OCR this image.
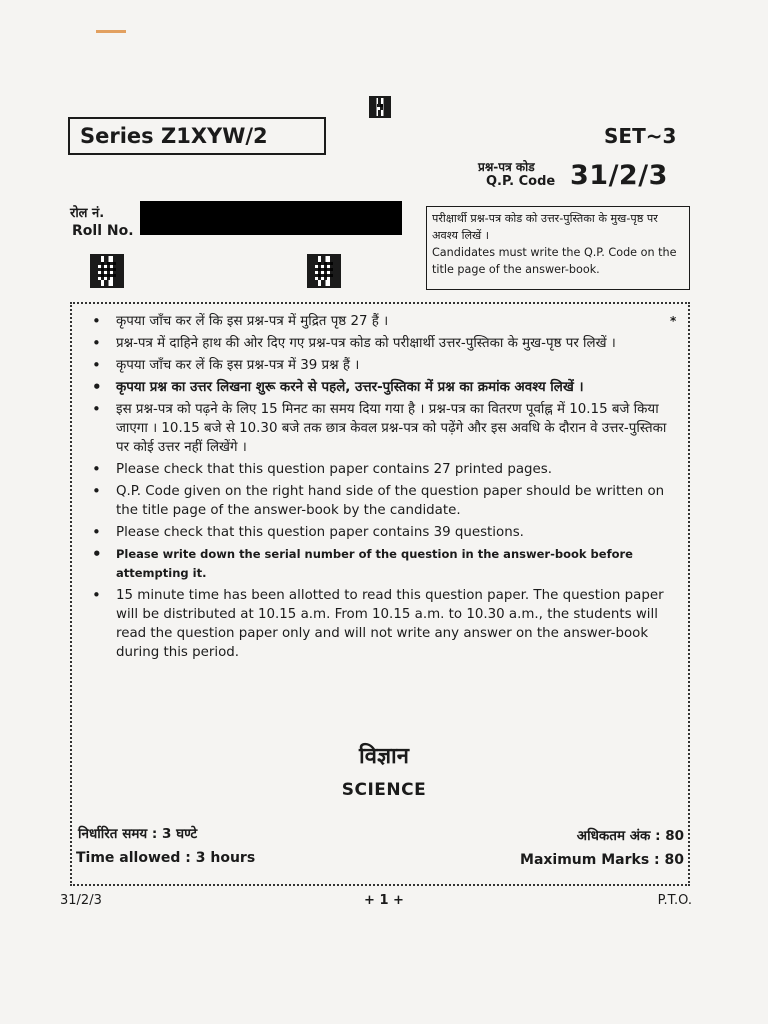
Series Z1XYW/2	SET~3
प्रश्न-पत्र कोड
Q.P. Code 31/2/3
रोल नं.
Roll No.
परीक्षार्थी प्रश्न-पत्र कोड को उत्तर-पुस्तिका के मुख-पृष्ठ पर अवश्य लिखें ।
Candidates must write the Q.P. Code on the title page of the answer-book.
*
• कृपया जाँच कर लें कि इस प्रश्न-पत्र में मुद्रित पृष्ठ 27 हैं ।
• प्रश्न-पत्र में दाहिने हाथ की ओर दिए गए प्रश्न-पत्र कोड को परीक्षार्थी उत्तर-पुस्तिका के मुख-पृष्ठ पर लिखें ।
• कृपया जाँच कर लें कि इस प्रश्न-पत्र में 39 प्रश्न हैं ।
• कृपया प्रश्न का उत्तर लिखना शुरू करने से पहले, उत्तर-पुस्तिका में प्रश्न का क्रमांक अवश्य लिखें ।
• इस प्रश्न-पत्र को पढ़ने के लिए 15 मिनट का समय दिया गया है । प्रश्न-पत्र का वितरण पूर्वाह्न में 10.15 बजे किया जाएगा । 10.15 बजे से 10.30 बजे तक छात्र केवल प्रश्न-पत्र को पढ़ेंगे और इस अवधि के दौरान वे उत्तर-पुस्तिका पर कोई उत्तर नहीं लिखेंगे ।
• Please check that this question paper contains 27 printed pages.
• Q.P. Code given on the right hand side of the question paper should be written on the title page of the answer-book by the candidate.
• Please check that this question paper contains 39 questions.
• Please write down the serial number of the question in the answer-book before attempting it.
• 15 minute time has been allotted to read this question paper. The question paper will be distributed at 10.15 a.m. From 10.15 a.m. to 10.30 a.m., the students will read the question paper only and will not write any answer on the answer-book during this period.
विज्ञान
SCIENCE
निर्धारित समय : 3 घण्टे
Time allowed : 3 hours
अधिकतम अंक : 80
Maximum Marks : 80
31/2/3	+ 1 +	P.T.O.
